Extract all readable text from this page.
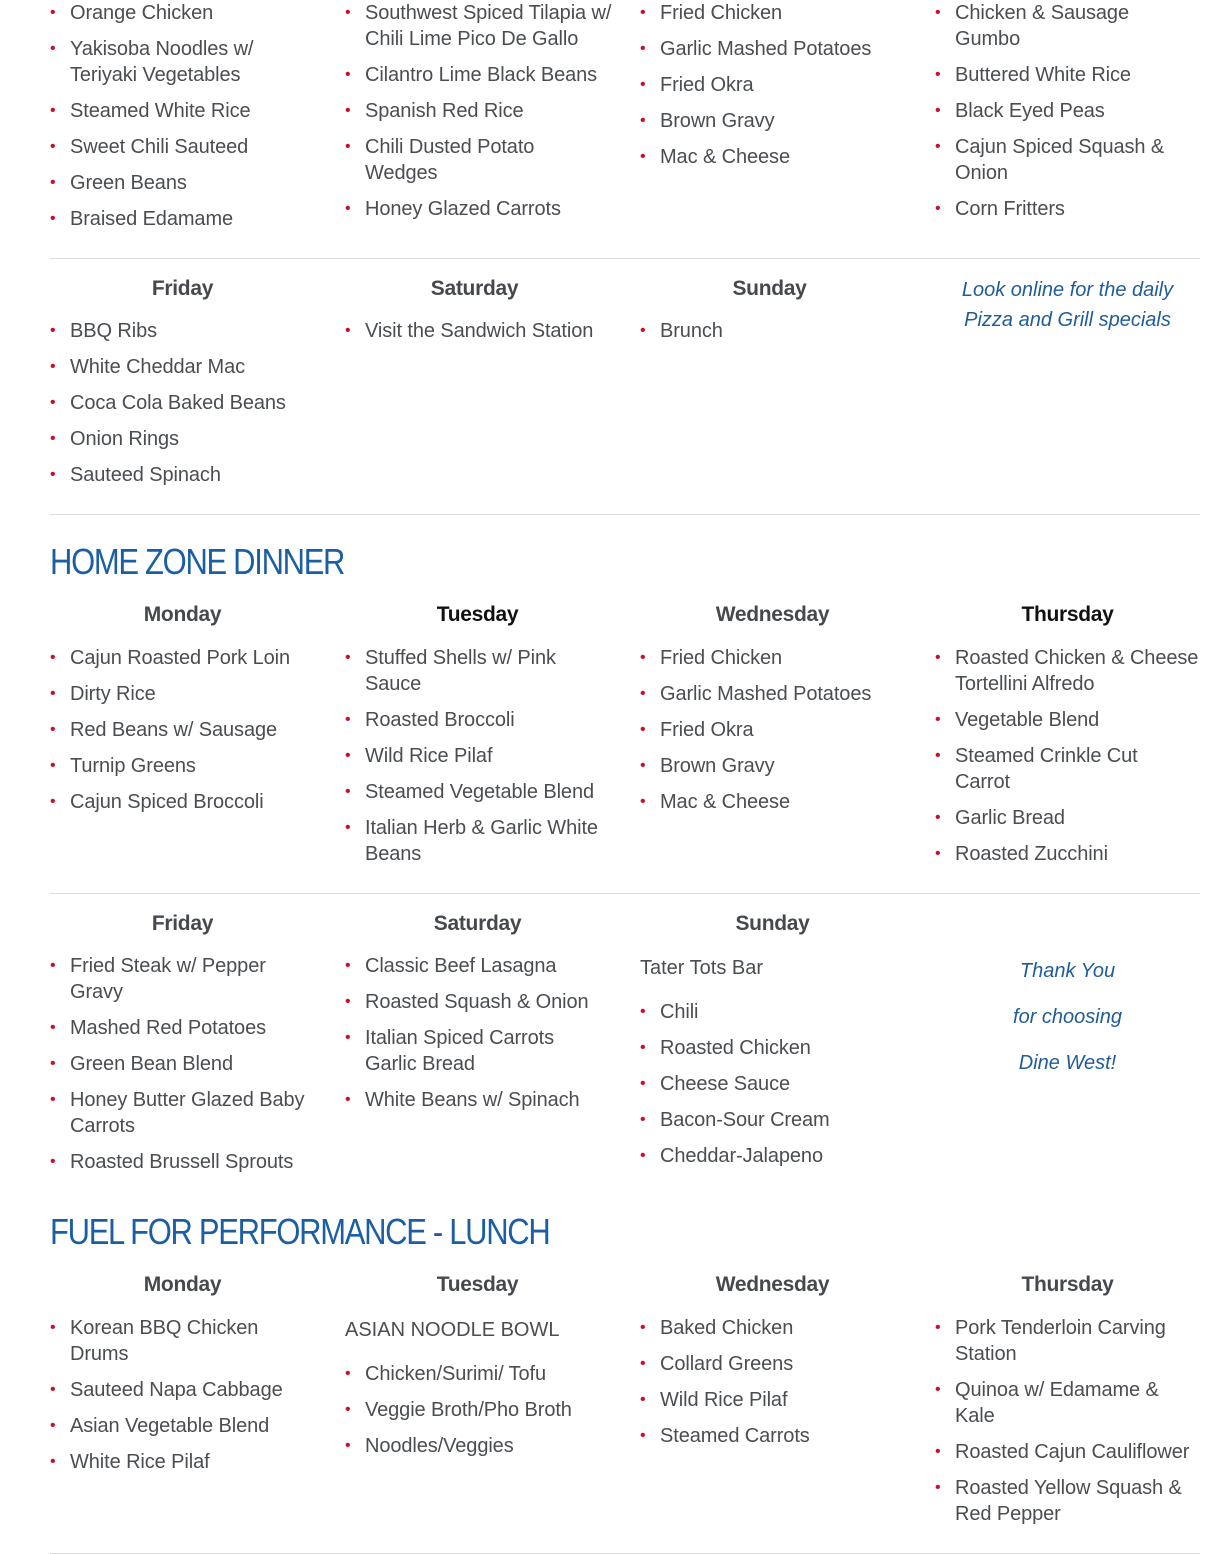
• Orange Chicken
• Yakisoba Noodles w/ Teriyaki Vegetables
• Steamed White Rice
• Sweet Chili Sauteed
• Green Beans
• Braised Edamame
• Southwest Spiced Tilapia w/ Chili Lime Pico De Gallo
• Cilantro Lime Black Beans
• Spanish Red Rice
• Chili Dusted Potato Wedges
• Honey Glazed Carrots
• Fried Chicken
• Garlic Mashed Potatoes
• Fried Okra
• Brown Gravy
• Mac & Cheese
• Chicken & Sausage Gumbo
• Buttered White Rice
• Black Eyed Peas
• Cajun Spiced Squash & Onion
• Corn Fritters
Friday
• BBQ Ribs
• White Cheddar Mac
• Coca Cola Baked Beans
• Onion Rings
• Sauteed Spinach
Saturday
• Visit the Sandwich Station
Sunday
• Brunch
Look online for the daily
Pizza and Grill specials
HOME ZONE DINNER
Monday
• Cajun Roasted Pork Loin
• Dirty Rice
• Red Beans w/ Sausage
• Turnip Greens
• Cajun Spiced Broccoli
Tuesday
• Stuffed Shells w/ Pink Sauce
• Roasted Broccoli
• Wild Rice Pilaf
• Steamed Vegetable Blend
• Italian Herb & Garlic White Beans
Wednesday
• Fried Chicken
• Garlic Mashed Potatoes
• Fried Okra
• Brown Gravy
• Mac & Cheese
Thursday
• Roasted Chicken & Cheese Tortellini Alfredo
• Vegetable Blend
• Steamed Crinkle Cut Carrot
• Garlic Bread
• Roasted Zucchini
Friday
• Fried Steak w/ Pepper Gravy
• Mashed Red Potatoes
• Green Bean Blend
• Honey Butter Glazed Baby Carrots
• Roasted Brussell Sprouts
Saturday
• Classic Beef Lasagna
• Roasted Squash & Onion
• Italian Spiced Carrots Garlic Bread
• White Beans w/ Spinach
Sunday
Tater Tots Bar
• Chili
• Roasted Chicken
• Cheese Sauce
• Bacon-Sour Cream
• Cheddar-Jalapeno
Thank You
for choosing
Dine West!
FUEL FOR PERFORMANCE - LUNCH
Monday
• Korean BBQ Chicken Drums
• Sauteed Napa Cabbage
• Asian Vegetable Blend
• White Rice Pilaf
Tuesday
ASIAN NOODLE BOWL
• Chicken/Surimi/ Tofu
• Veggie Broth/Pho Broth
• Noodles/Veggies
Wednesday
• Baked Chicken
• Collard Greens
• Wild Rice Pilaf
• Steamed Carrots
Thursday
• Pork Tenderloin Carving Station
• Quinoa w/ Edamame & Kale
• Roasted Cajun Cauliflower
• Roasted Yellow Squash & Red Pepper
